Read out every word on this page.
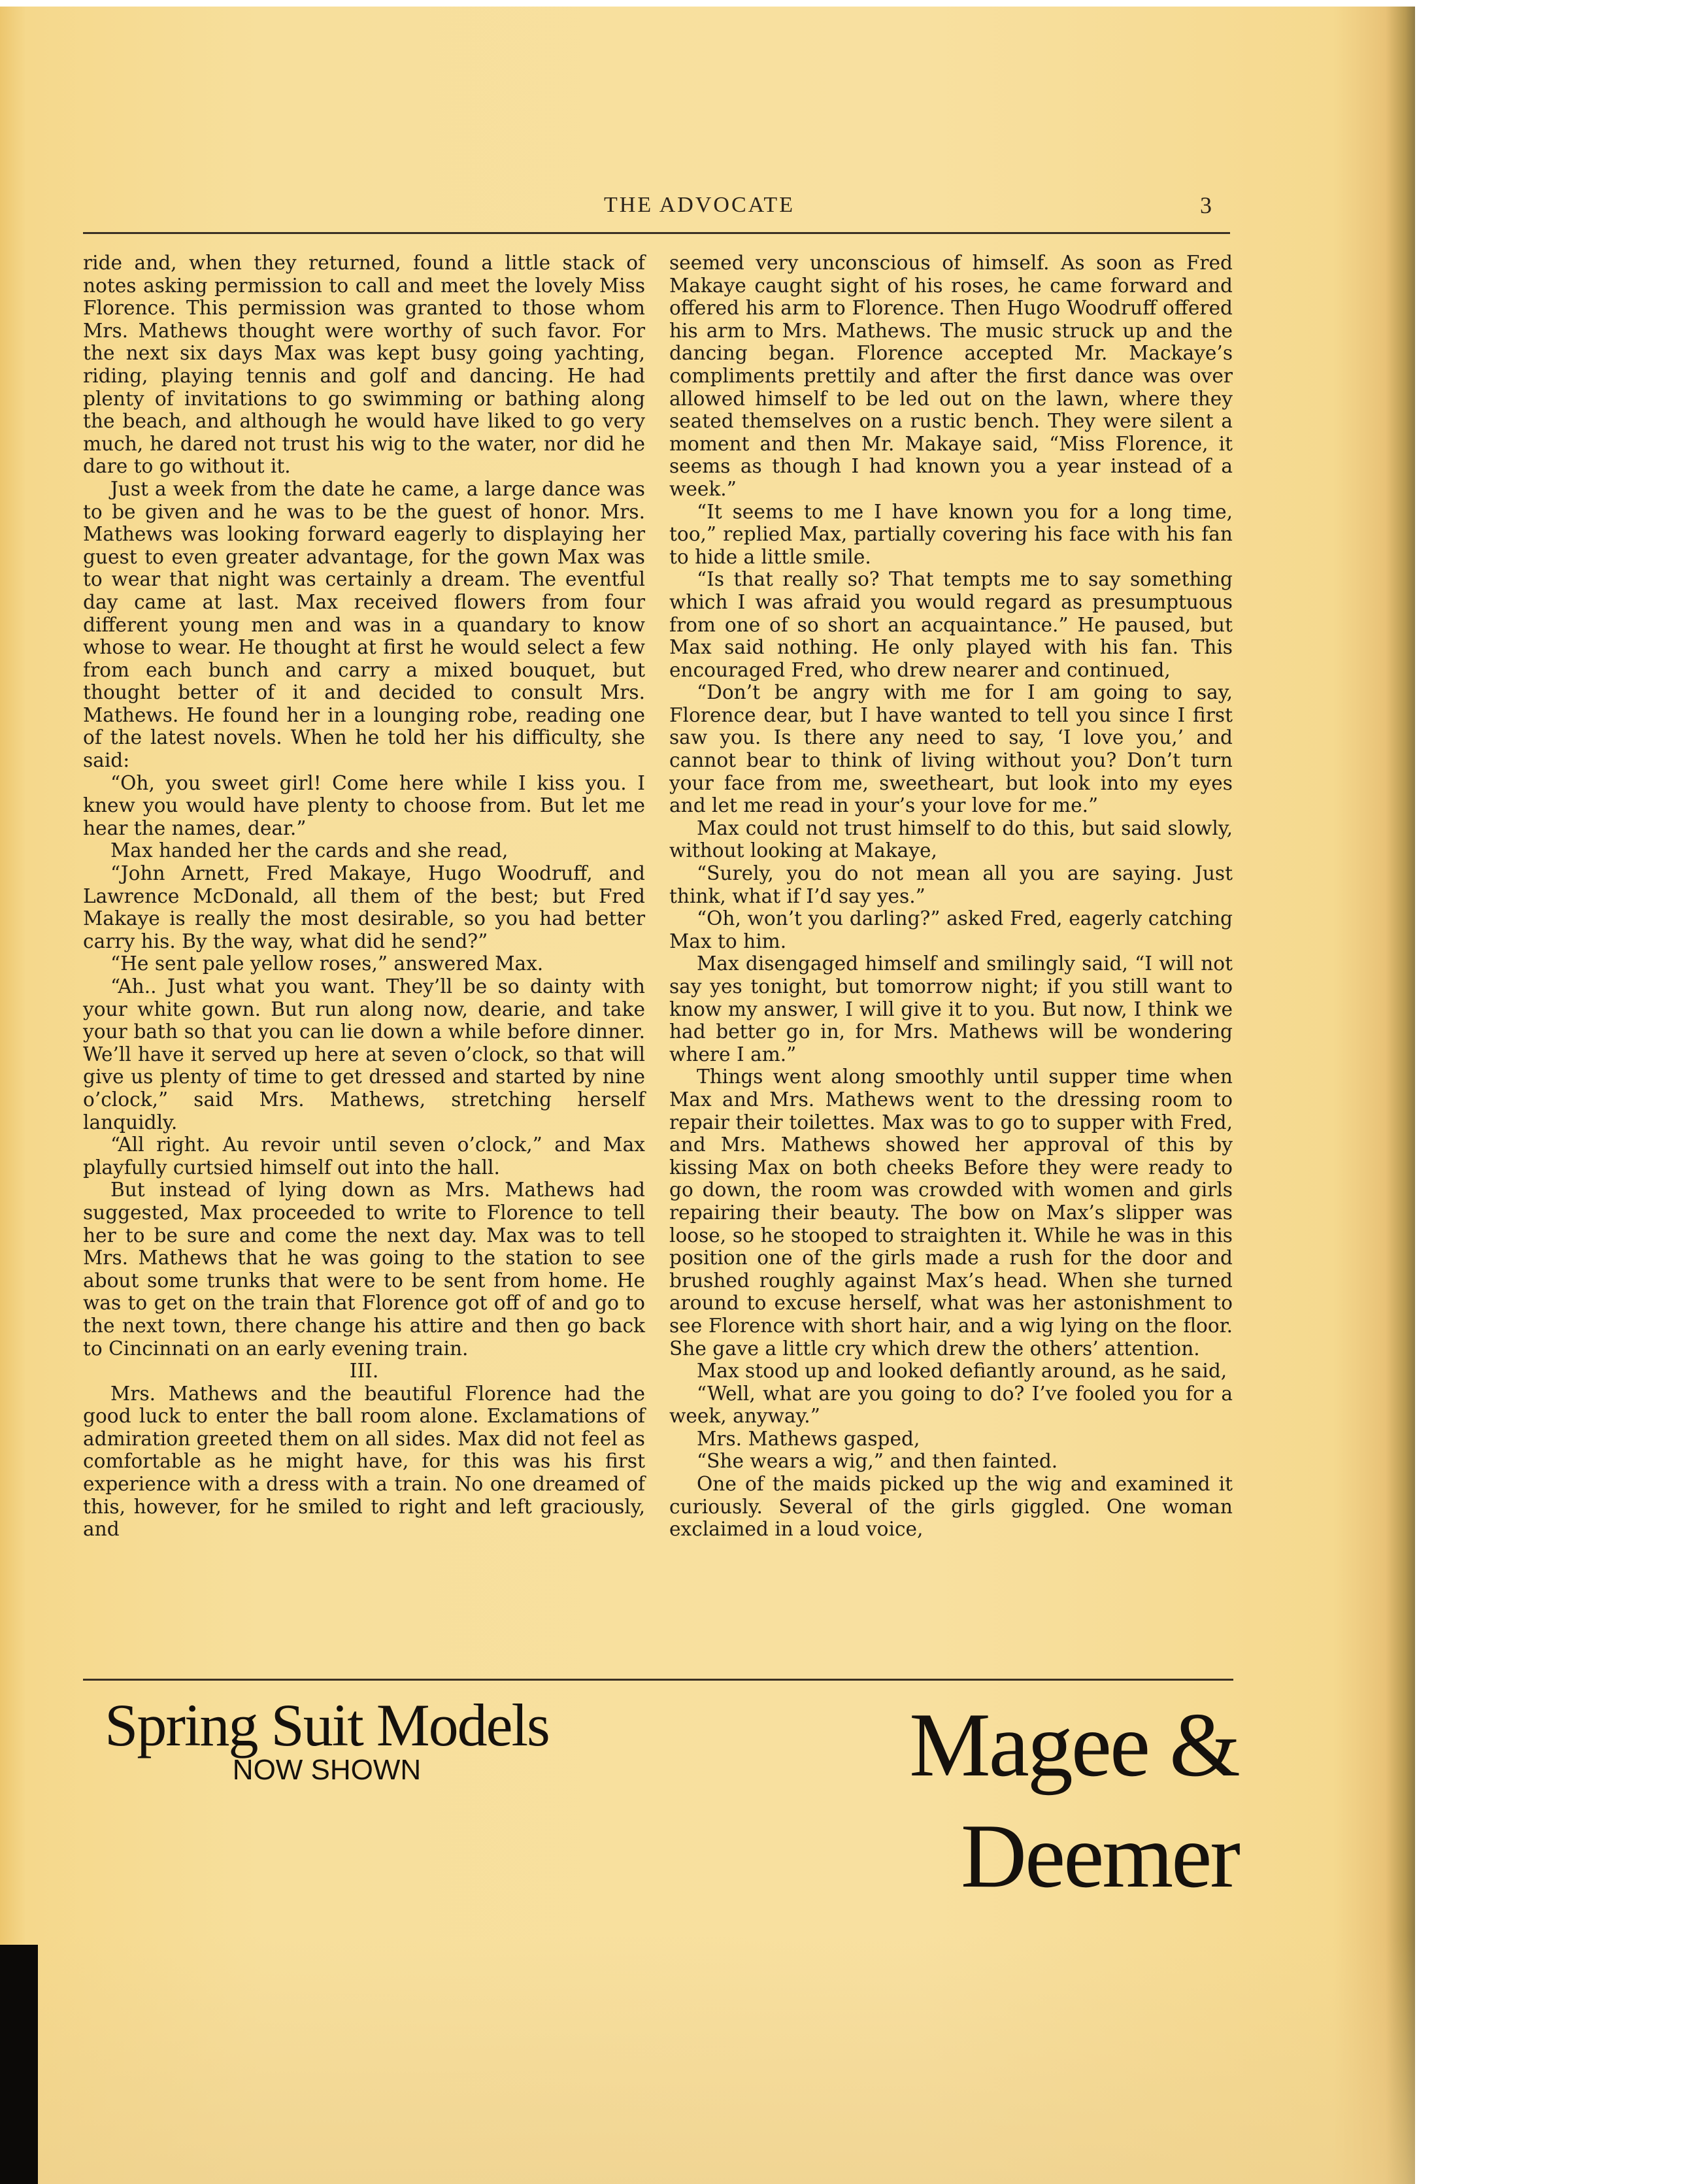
THE ADVOCATE	3

ride and, when they returned, found a little stack of notes asking permission to call and meet the lovely Miss Florence. This permission was granted to those whom Mrs. Mathews thought were worthy of such favor. For the next six days Max was kept busy going yachting, riding, playing tennis and golf and dancing. He had plenty of invitations to go swimming or bathing along the beach, and although he would have liked to go very much, he dared not trust his wig to the water, nor did he dare to go without it.

Just a week from the date he came, a large dance was to be given and he was to be the guest of honor. Mrs. Mathews was looking forward eagerly to displaying her guest to even greater advantage, for the gown Max was to wear that night was certainly a dream. The eventful day came at last. Max received flowers from four different young men and was in a quandary to know whose to wear. He thought at first he would select a few from each bunch and carry a mixed bouquet, but thought better of it and decided to consult Mrs. Mathews. He found her in a lounging robe, reading one of the latest novels. When he told her his difficulty, she said:

“Oh, you sweet girl! Come here while I kiss you. I knew you would have plenty to choose from. But let me hear the names, dear.”

Max handed her the cards and she read,

“John Arnett, Fred Makaye, Hugo Woodruff, and Lawrence McDonald, all them of the best; but Fred Makaye is really the most desirable, so you had better carry his. By the way, what did he send?”

“He sent pale yellow roses,” answered Max.

“Ah.. Just what you want. They’ll be so dainty with your white gown. But run along now, dearie, and take your bath so that you can lie down a while before dinner. We’ll have it served up here at seven o’clock, so that will give us plenty of time to get dressed and started by nine o’clock,” said Mrs. Mathews, stretching herself lanquidly.

“All right. Au revoir until seven o’clock,” and Max playfully curtsied himself out into the hall.

But instead of lying down as Mrs. Mathews had suggested, Max proceeded to write to Florence to tell her to be sure and come the next day. Max was to tell Mrs. Mathews that he was going to the station to see about some trunks that were to be sent from home. He was to get on the train that Florence got off of and go to the next town, there change his attire and then go back to Cincinnati on an early evening train.

III.

Mrs. Mathews and the beautiful Florence had the good luck to enter the ball room alone. Exclamations of admiration greeted them on all sides. Max did not feel as comfortable as he might have, for this was his first experience with a dress with a train. No one dreamed of this, however, for he smiled to right and left graciously, and

seemed very unconscious of himself. As soon as Fred Makaye caught sight of his roses, he came forward and offered his arm to Florence. Then Hugo Woodruff offered his arm to Mrs. Mathews. The music struck up and the dancing began. Florence accepted Mr. Mackaye’s compliments prettily and after the first dance was over allowed himself to be led out on the lawn, where they seated themselves on a rustic bench. They were silent a moment and then Mr. Makaye said, “Miss Florence, it seems as though I had known you a year instead of a week.”

“It seems to me I have known you for a long time, too,” replied Max, partially covering his face with his fan to hide a little smile.

“Is that really so? That tempts me to say something which I was afraid you would regard as presumptuous from one of so short an acquaintance.” He paused, but Max said nothing. He only played with his fan. This encouraged Fred, who drew nearer and continued,

“Don’t be angry with me for I am going to say, Florence dear, but I have wanted to tell you since I first saw you. Is there any need to say, ‘I love you,’ and cannot bear to think of living without you? Don’t turn your face from me, sweetheart, but look into my eyes and let me read in your’s your love for me.”

Max could not trust himself to do this, but said slowly, without looking at Makaye,

“Surely, you do not mean all you are saying. Just think, what if I’d say yes.”

“Oh, won’t you darling?” asked Fred, eagerly catching Max to him.

Max disengaged himself and smilingly said, “I will not say yes tonight, but tomorrow night; if you still want to know my answer, I will give it to you. But now, I think we had better go in, for Mrs. Mathews will be wondering where I am.”

Things went along smoothly until supper time when Max and Mrs. Mathews went to the dressing room to repair their toilettes. Max was to go to supper with Fred, and Mrs. Mathews showed her approval of this by kissing Max on both cheeks Before they were ready to go down, the room was crowded with women and girls repairing their beauty. The bow on Max’s slipper was loose, so he stooped to straighten it. While he was in this position one of the girls made a rush for the door and brushed roughly against Max’s head. When she turned around to excuse herself, what was her astonishment to see Florence with short hair, and a wig lying on the floor. She gave a little cry which drew the others’ attention.

Max stood up and looked defiantly around, as he said,

“Well, what are you going to do? I’ve fooled you for a week, anyway.”

Mrs. Mathews gasped,

“She wears a wig,” and then fainted.

One of the maids picked up the wig and examined it curiously. Several of the girls giggled. One woman exclaimed in a loud voice,

Spring Suit Models
NOW SHOWN	Magee & Deemer
